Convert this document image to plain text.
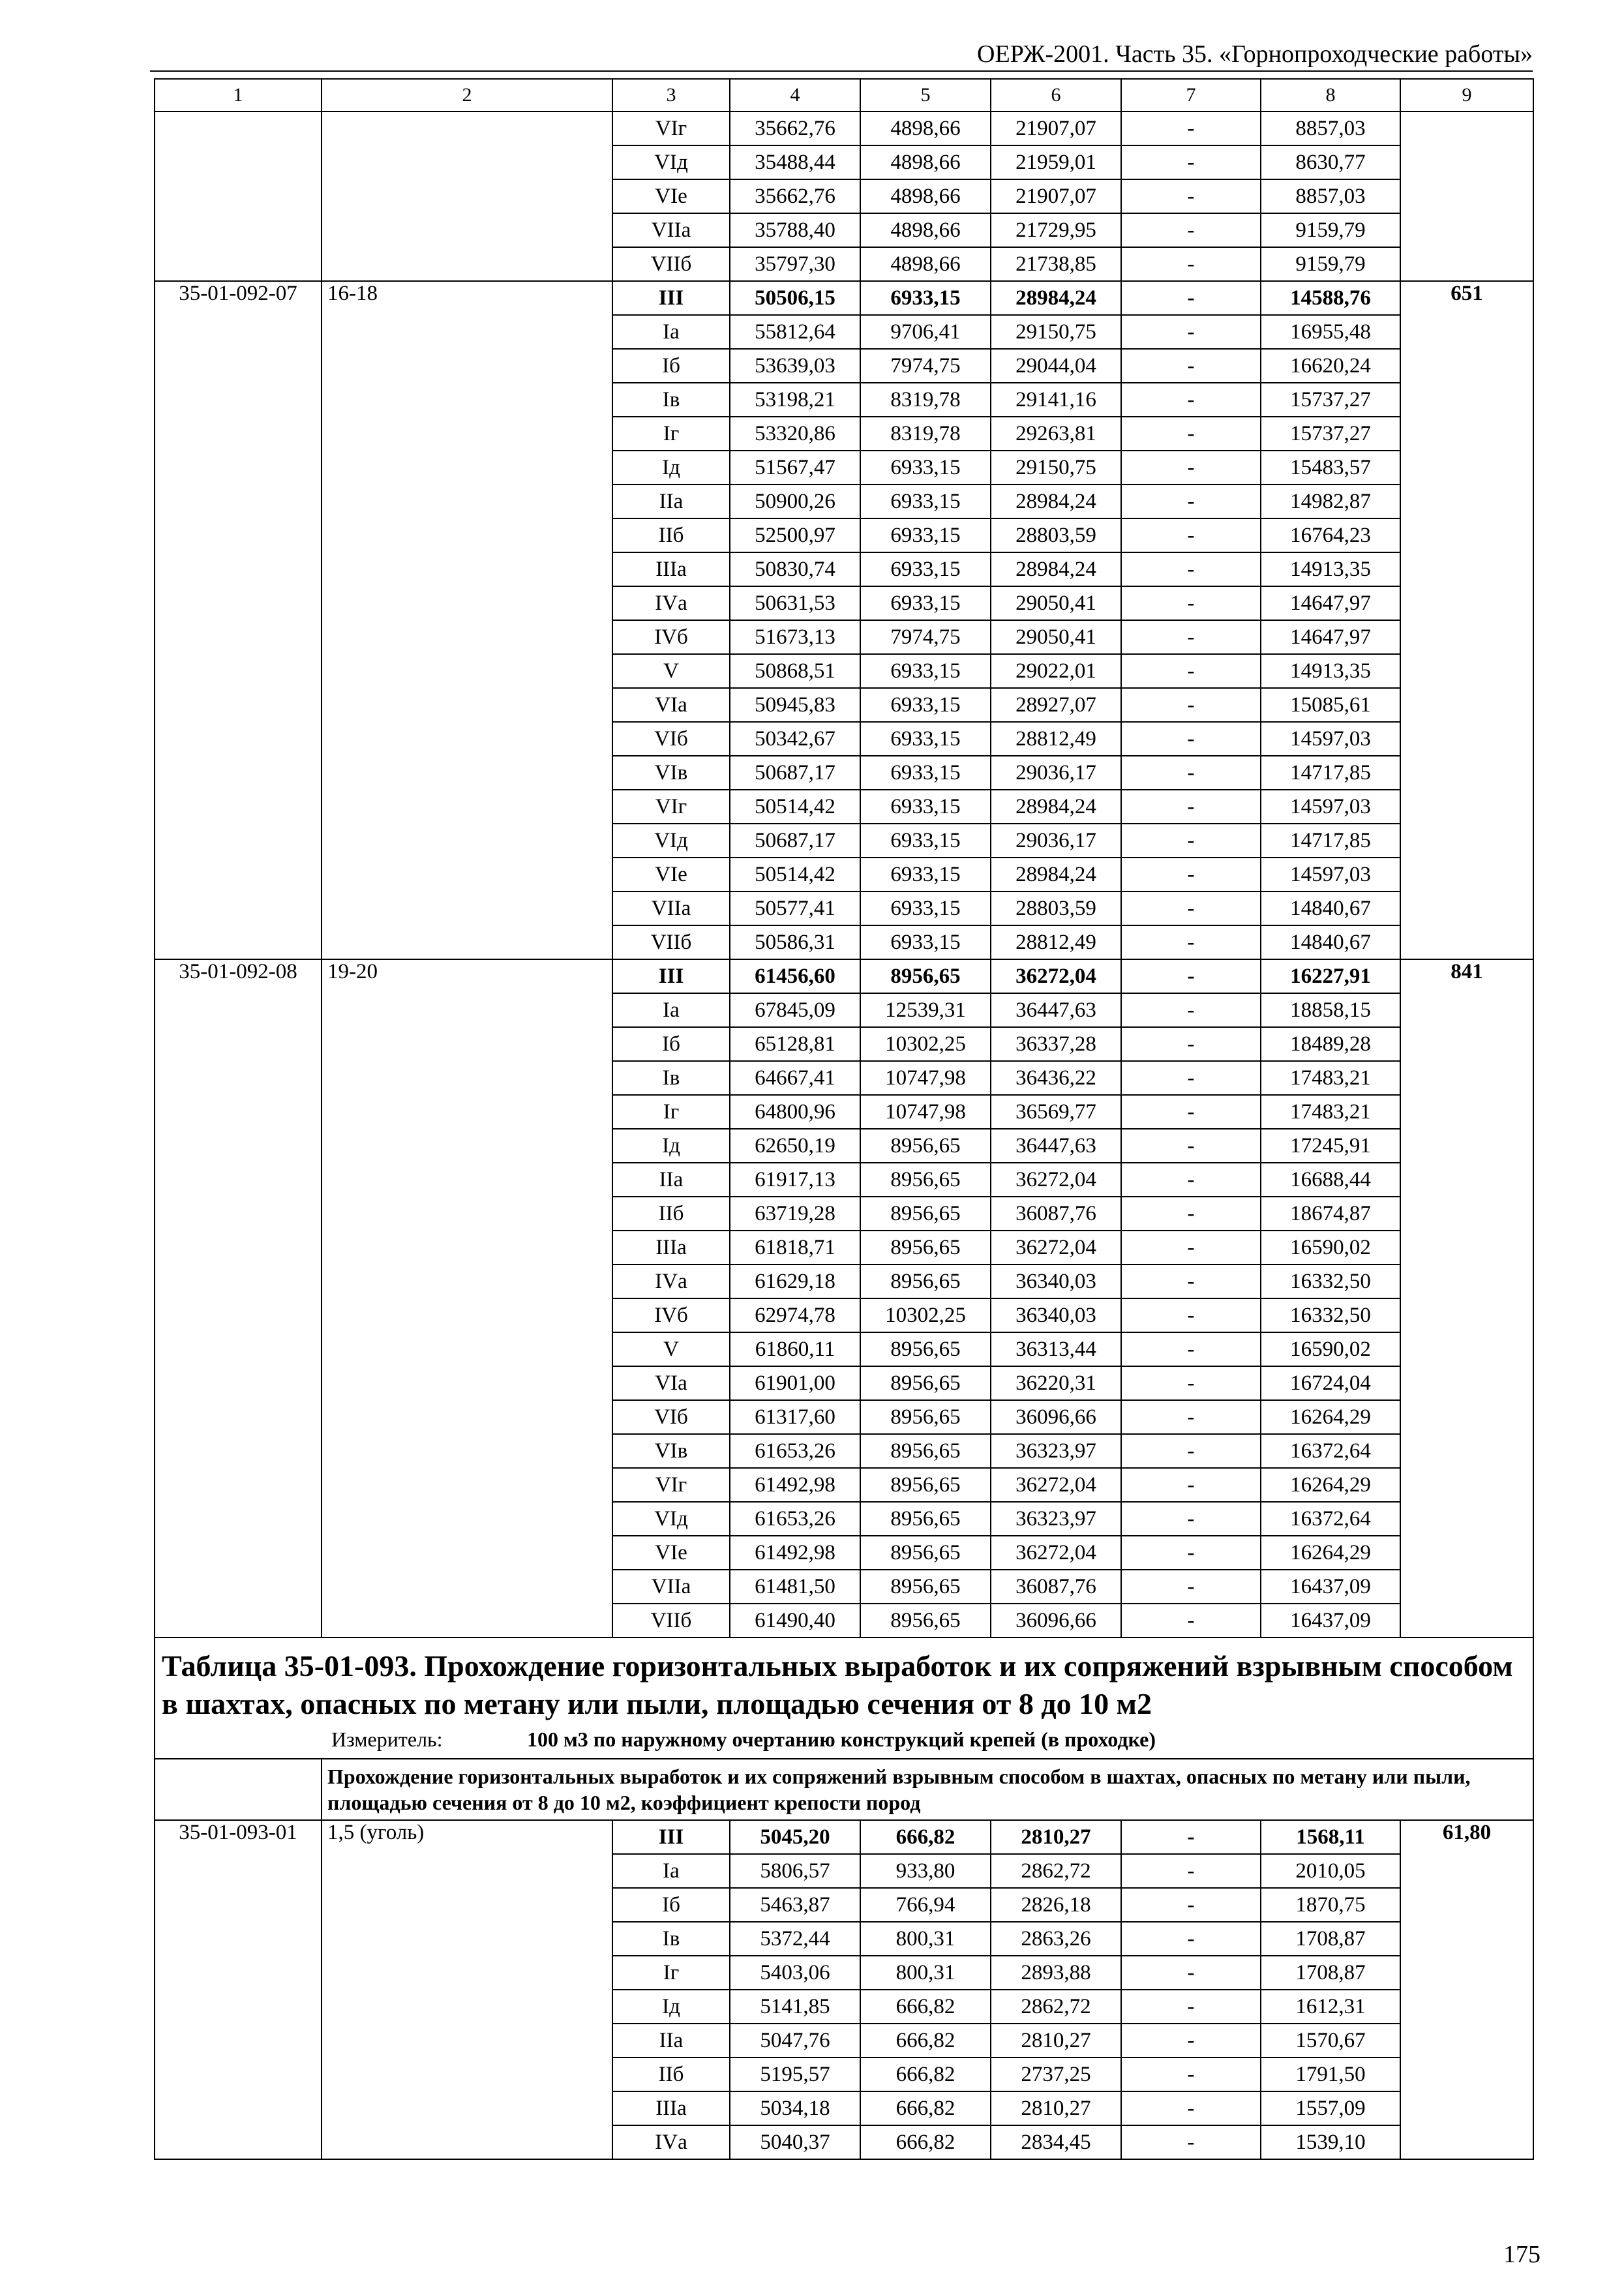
ОЕРЖ-2001. Часть 35. «Горнопроходческие работы»
1	2	3	4	5	6	7	8	9
		VIг	35662,76	4898,66	21907,07	-	8857,03	
		VIд	35488,44	4898,66	21959,01	-	8630,77	
		VIе	35662,76	4898,66	21907,07	-	8857,03	
		VIIа	35788,40	4898,66	21729,95	-	9159,79	
		VIIб	35797,30	4898,66	21738,85	-	9159,79	
35-01-092-07	16-18	III	50506,15	6933,15	28984,24	-	14588,76	651
		Iа	55812,64	9706,41	29150,75	-	16955,48	
		Iб	53639,03	7974,75	29044,04	-	16620,24	
		Iв	53198,21	8319,78	29141,16	-	15737,27	
		Iг	53320,86	8319,78	29263,81	-	15737,27	
		Iд	51567,47	6933,15	29150,75	-	15483,57	
		IIа	50900,26	6933,15	28984,24	-	14982,87	
		IIб	52500,97	6933,15	28803,59	-	16764,23	
		IIIа	50830,74	6933,15	28984,24	-	14913,35	
		IVа	50631,53	6933,15	29050,41	-	14647,97	
		IVб	51673,13	7974,75	29050,41	-	14647,97	
		V	50868,51	6933,15	29022,01	-	14913,35	
		VIа	50945,83	6933,15	28927,07	-	15085,61	
		VIб	50342,67	6933,15	28812,49	-	14597,03	
		VIв	50687,17	6933,15	29036,17	-	14717,85	
		VIг	50514,42	6933,15	28984,24	-	14597,03	
		VIд	50687,17	6933,15	29036,17	-	14717,85	
		VIе	50514,42	6933,15	28984,24	-	14597,03	
		VIIа	50577,41	6933,15	28803,59	-	14840,67	
		VIIб	50586,31	6933,15	28812,49	-	14840,67	
35-01-092-08	19-20	III	61456,60	8956,65	36272,04	-	16227,91	841
		Iа	67845,09	12539,31	36447,63	-	18858,15	
		Iб	65128,81	10302,25	36337,28	-	18489,28	
		Iв	64667,41	10747,98	36436,22	-	17483,21	
		Iг	64800,96	10747,98	36569,77	-	17483,21	
		Iд	62650,19	8956,65	36447,63	-	17245,91	
		IIа	61917,13	8956,65	36272,04	-	16688,44	
		IIб	63719,28	8956,65	36087,76	-	18674,87	
		IIIа	61818,71	8956,65	36272,04	-	16590,02	
		IVа	61629,18	8956,65	36340,03	-	16332,50	
		IVб	62974,78	10302,25	36340,03	-	16332,50	
		V	61860,11	8956,65	36313,44	-	16590,02	
		VIа	61901,00	8956,65	36220,31	-	16724,04	
		VIб	61317,60	8956,65	36096,66	-	16264,29	
		VIв	61653,26	8956,65	36323,97	-	16372,64	
		VIг	61492,98	8956,65	36272,04	-	16264,29	
		VIд	61653,26	8956,65	36323,97	-	16372,64	
		VIе	61492,98	8956,65	36272,04	-	16264,29	
		VIIа	61481,50	8956,65	36087,76	-	16437,09	
		VIIб	61490,40	8956,65	36096,66	-	16437,09	

Таблица 35-01-093. Прохождение горизонтальных выработок и их сопряжений взрывным способом в шахтах, опасных по метану или пыли, площадью сечения от 8 до 10 м2
Измеритель: 100 м3 по наружному очертанию конструкций крепей (в проходке)								

	Прохождение горизонтальных выработок и их сопряжений взрывным способом в шахтах, опасных по метану или пыли, площадью сечения от 8 до 10 м2, коэффициент крепости пород							
35-01-093-01	1,5 (уголь)	III	5045,20	666,82	2810,27	-	1568,11	61,80
		Iа	5806,57	933,80	2862,72	-	2010,05	
		Iб	5463,87	766,94	2826,18	-	1870,75	
		Iв	5372,44	800,31	2863,26	-	1708,87	
		Iг	5403,06	800,31	2893,88	-	1708,87	
		Iд	5141,85	666,82	2862,72	-	1612,31	
		IIа	5047,76	666,82	2810,27	-	1570,67	
		IIб	5195,57	666,82	2737,25	-	1791,50	
		IIIа	5034,18	666,82	2810,27	-	1557,09	
		IVа	5040,37	666,82	2834,45	-	1539,10	
175
